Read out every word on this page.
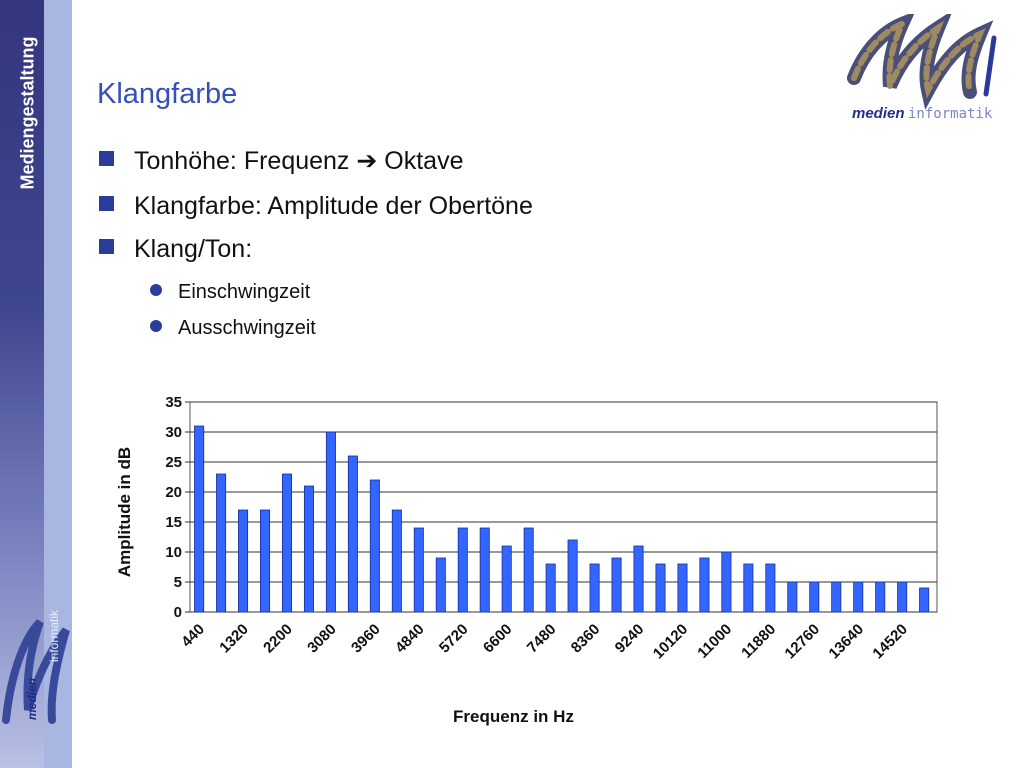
Mediengestaltung
medien
informatik
Klangfarbe
medien informatik
Tonhöhe: Frequenz ➔ Oktave
Klangfarbe: Amplitude der Obertöne
Klang/Ton:
Einschwingzeit
Ausschwingzeit
0
5
10
15
20
25
30
35
440 1320 2200 3080 3960 4840 5720 6600 7480 8360 9240 10120 11000 11880 12760 13640 14520
Frequenz in Hz
Amplitude in dB
